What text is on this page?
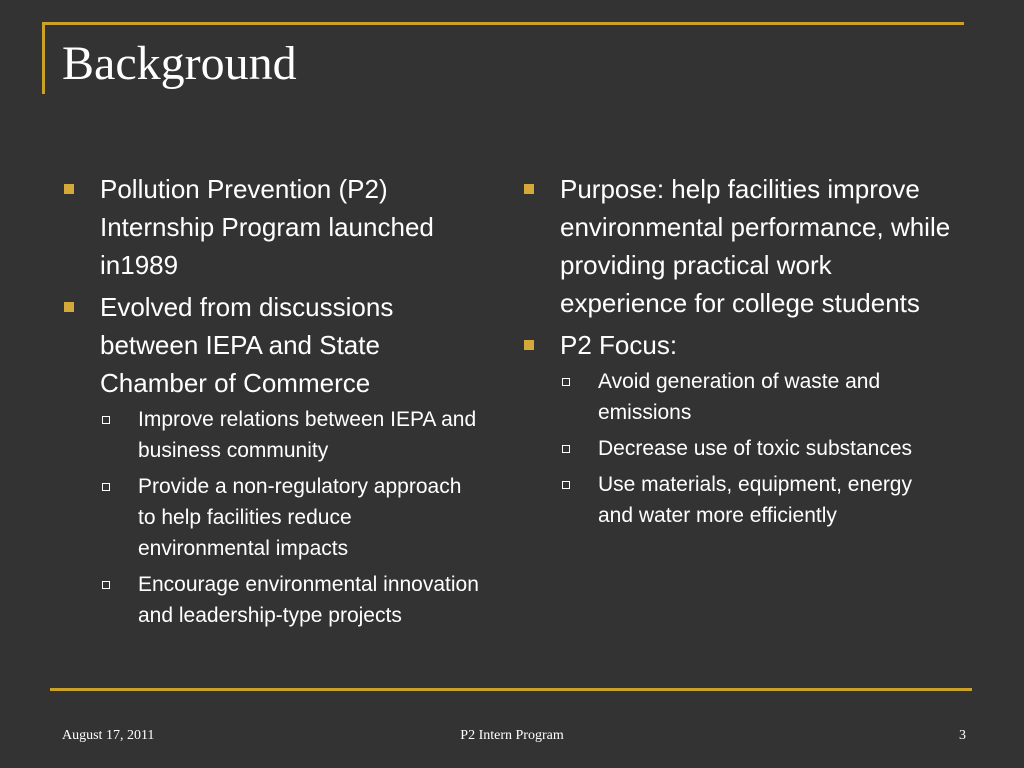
Background
Pollution Prevention (P2) Internship Program launched in1989
Evolved from discussions between IEPA and State Chamber of Commerce
Improve relations between IEPA and business community
Provide a non-regulatory approach to help facilities reduce environmental impacts
Encourage environmental innovation and leadership-type projects
Purpose: help facilities improve environmental performance, while providing practical work experience for college students
P2 Focus:
Avoid generation of waste and emissions
Decrease use of toxic substances
Use materials, equipment, energy and water more efficiently
August 17, 2011	P2 Intern Program	3
